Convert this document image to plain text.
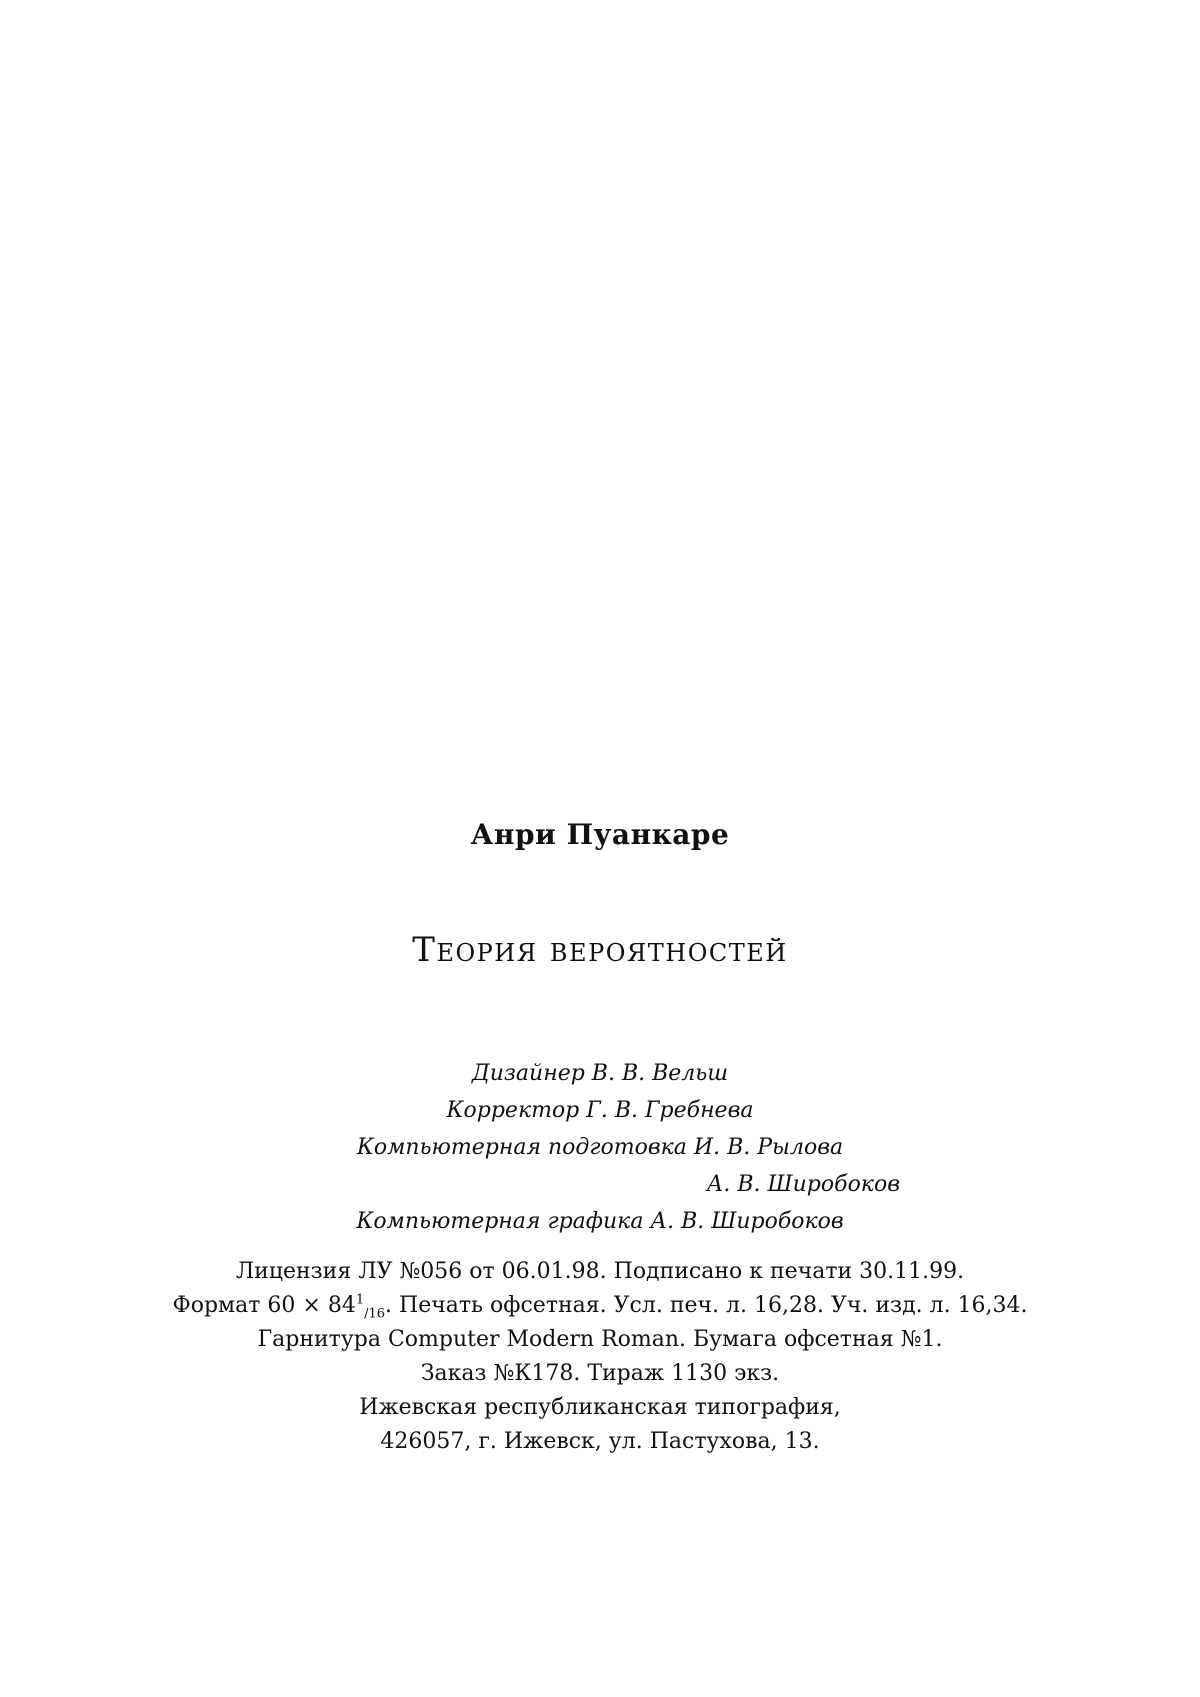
Анри Пуанкаре
Теория вероятностей
Дизайнер В. В. Вельш
Корректор Г. В. Гребнева
Компьютерная подготовка И. В. Рылова
А. В. Широбоков
Компьютерная графика А. В. Широбоков
Лицензия ЛУ №056 от 06.01.98. Подписано к печати 30.11.99.
Формат $60 \times 84^1_{/16}$. Печать офсетная. Усл. печ. л. 16,28. Уч. изд. л. 16,34.
Гарнитура Computer Modern Roman. Бумага офсетная №1.
Заказ №К178. Тираж 1130 экз.
Ижевская республиканская типография,
426057, г. Ижевск, ул. Пастухова, 13.
